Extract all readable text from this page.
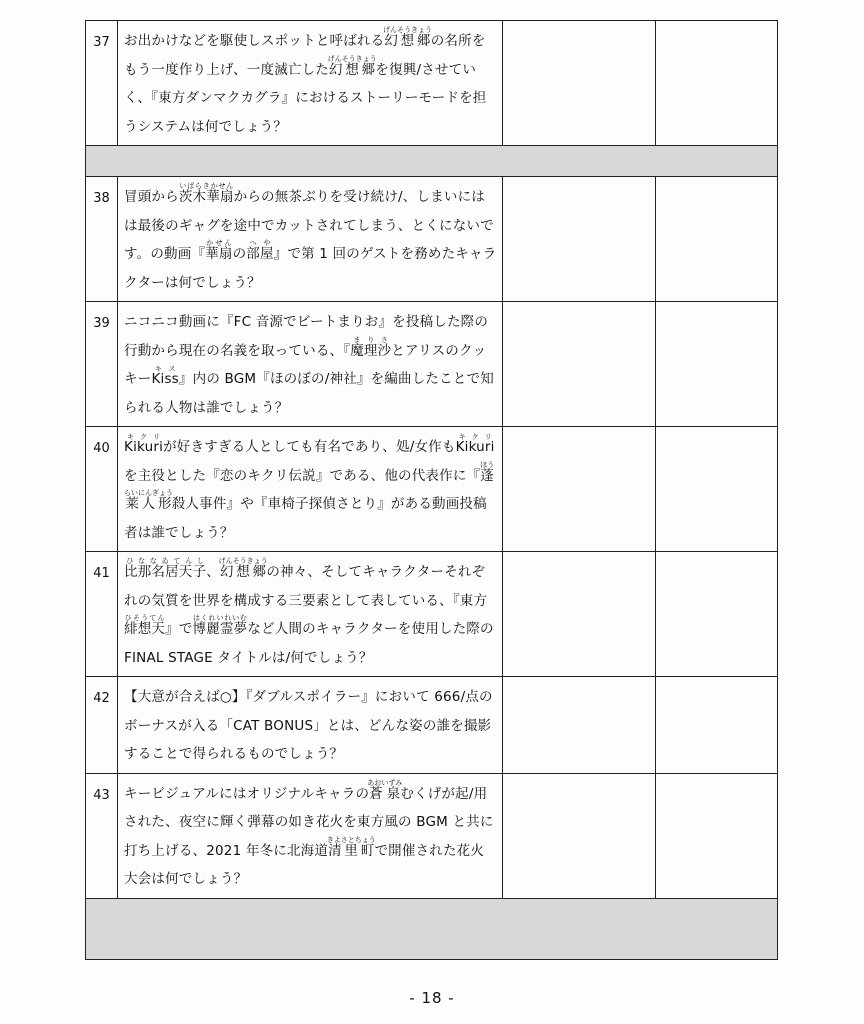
37	お出かけなどを駆使しスポットと呼ばれる幻想郷げんそうきょうの名所をもう一度作り上げ、一度滅亡した幻想郷げんそうきょうを復興/させていく、『東方ダンマクカグラ』におけるストーリーモードを担うシステムは何でしょう？		

38	冒頭から茨木華扇いばらきかせんからの無茶ぶりを受け続け/、しまいにはは最後のギャグを途中でカットされてしまう、とくにないです。の動画『華扇かせんの部屋へや』で第 1 回のゲストを務めたキャラクターは何でしょう？		
39	ニコニコ動画に『FC 音源でビートまりお』を投稿した際の行動から現在の名義を取っている、『魔理沙まりさとアリスのクッキーKissキス』内の BGM『ほのぼの/神社』を編曲したことで知られる人物は誰でしょう？		
40	Kikuriキクリが好きすぎる人としても有名であり、処/女作もKikuriキクリを主役とした『恋のキクリ伝説』である、他の代表作に『蓬莱人形ほうらいにんぎょう殺人事件』や『車椅子探偵さとり』がある動画投稿者は誰でしょう？		
41	比那名居天子ひななゐてんし、幻想郷げんそうきょうの神々、そしてキャラクターそれぞれの気質を世界を構成する三要素として表している、『東方緋想天ひそうてん』で博麗霊夢はくれいれいむなど人間のキャラクターを使用した際の FINAL STAGE タイトルは/何でしょう？		
42	【大意が合えば○】『ダブルスポイラー』において 666/点のボーナスが入る「CAT BONUS」とは、どんな姿の誰を撮影することで得られるものでしょう？		
43	キービジュアルにはオリジナルキャラの蒼泉あおいずみむくげが起/用された、夜空に輝く弾幕の如き花火を東方風の BGM と共に打ち上げる、2021 年冬に北海道清里町きよさとちょうで開催された花火大会は何でしょう？		

- 18 -
